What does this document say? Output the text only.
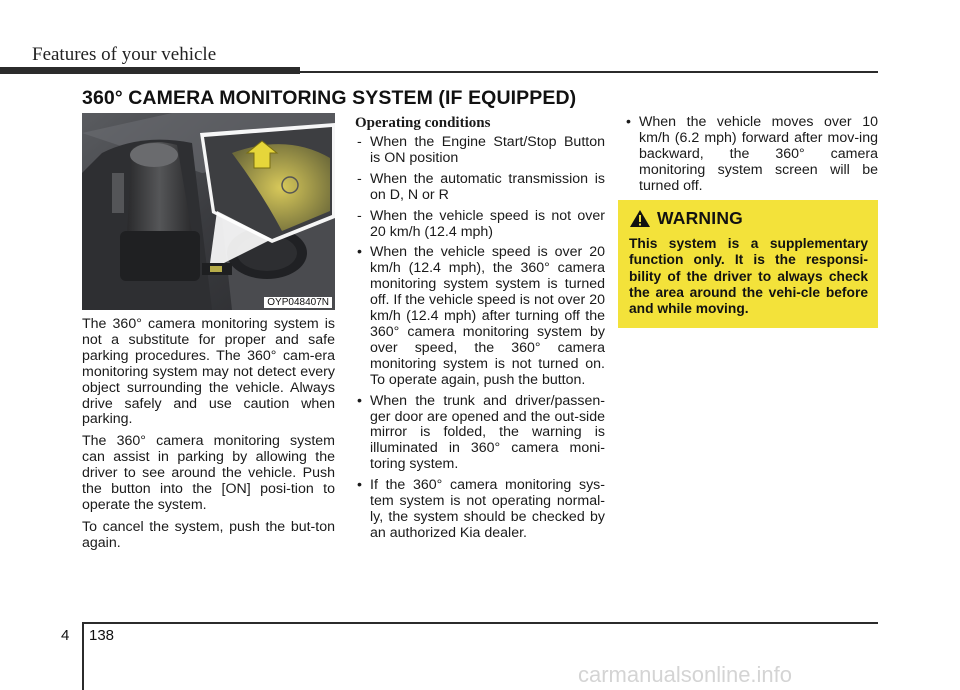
Features of your vehicle
360° CAMERA MONITORING SYSTEM (IF EQUIPPED)
OYP048407N

The 360° camera monitoring system is not a substitute for proper and safe parking procedures. The 360° cam-era monitoring system may not detect every object surrounding the vehicle. Always drive safely and use caution when parking.

The 360° camera monitoring system can assist in parking by allowing the driver to see around the vehicle. Push the button into the [ON] posi-tion to operate the system.

To cancel the system, push the but-ton again.

Operating conditions
- When the Engine Start/Stop Button is ON position
- When the automatic transmission is on D, N or R
- When the vehicle speed is not over 20 km/h (12.4 mph)
• When the vehicle speed is over 20 km/h (12.4 mph), the 360° camera monitoring system system is turned off. If the vehicle speed is not over 20 km/h (12.4 mph) after turning off the 360° camera monitoring system by over speed, the 360° camera monitoring system is not turned on. To operate again, push the button.
• When the trunk and driver/passen-ger door are opened and the out-side mirror is folded, the warning is illuminated in 360° camera moni-toring system.
• If the 360° camera monitoring sys-tem system is not operating normal-ly, the system should be checked by an authorized Kia dealer.
• When the vehicle moves over 10 km/h (6.2 mph) forward after mov-ing backward, the 360° camera monitoring system screen will be turned off.
WARNING
This system is a supplementary function only. It is the responsi-bility of the driver to always check the area around the vehi-cle before and while moving.
4 138
carmanualsonline.info
